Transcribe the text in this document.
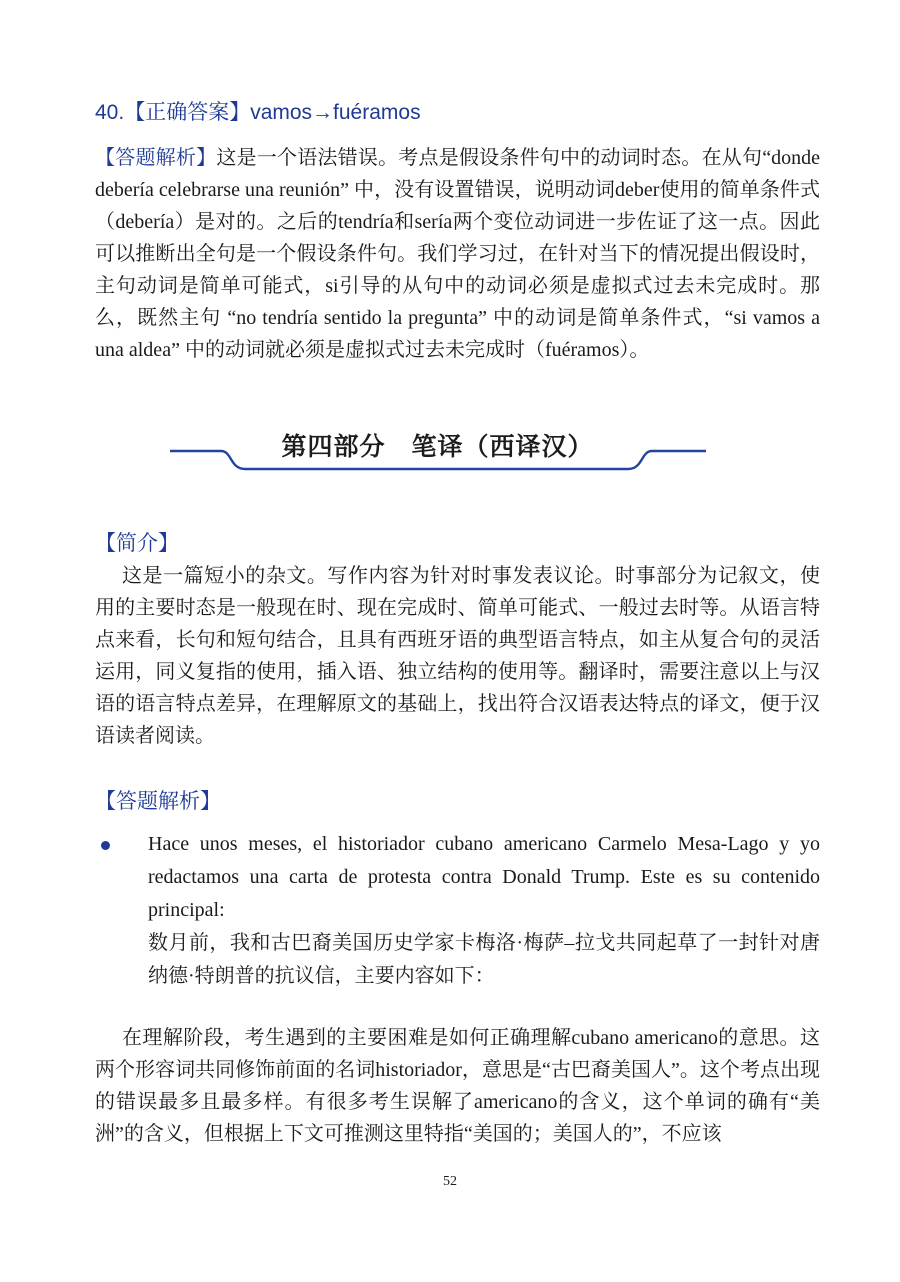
40.【正确答案】vamos→fuéramos

【答题解析】这是一个语法错误。考点是假设条件句中的动词时态。在从句“donde debería celebrarse una reunión” 中，没有设置错误，说明动词deber使用的简单条件式（debería）是对的。之后的tendría和sería两个变位动词进一步佐证了这一点。因此可以推断出全句是一个假设条件句。我们学习过，在针对当下的情况提出假设时，主句动词是简单可能式，si引导的从句中的动词必须是虚拟式过去未完成时。那么，既然主句 “no tendría sentido la pregunta” 中的动词是简单条件式，“si vamos a una aldea” 中的动词就必须是虚拟式过去未完成时（fuéramos）。

第四部分　笔译（西译汉）
【简介】

这是一篇短小的杂文。写作内容为针对时事发表议论。时事部分为记叙文，使用的主要时态是一般现在时、现在完成时、简单可能式、一般过去时等。从语言特点来看，长句和短句结合，且具有西班牙语的典型语言特点，如主从复合句的灵活运用，同义复指的使用，插入语、独立结构的使用等。翻译时，需要注意以上与汉语的语言特点差异，在理解原文的基础上，找出符合汉语表达特点的译文，便于汉语读者阅读。

【答题解析】

Hace unos meses, el historiador cubano americano Carmelo Mesa-Lago y yo redactamos una carta de protesta contra Donald Trump. Este es su contenido principal:

数月前，我和古巴裔美国历史学家卡梅洛·梅萨–拉戈共同起草了一封针对唐纳德·特朗普的抗议信，主要内容如下：

在理解阶段，考生遇到的主要困难是如何正确理解cubano americano的意思。这两个形容词共同修饰前面的名词historiador，意思是“古巴裔美国人”。这个考点出现的错误最多且最多样。有很多考生误解了americano的含义，这个单词的确有“美洲”的含义，但根据上下文可推测这里特指“美国的；美国人的”，不应该

52
